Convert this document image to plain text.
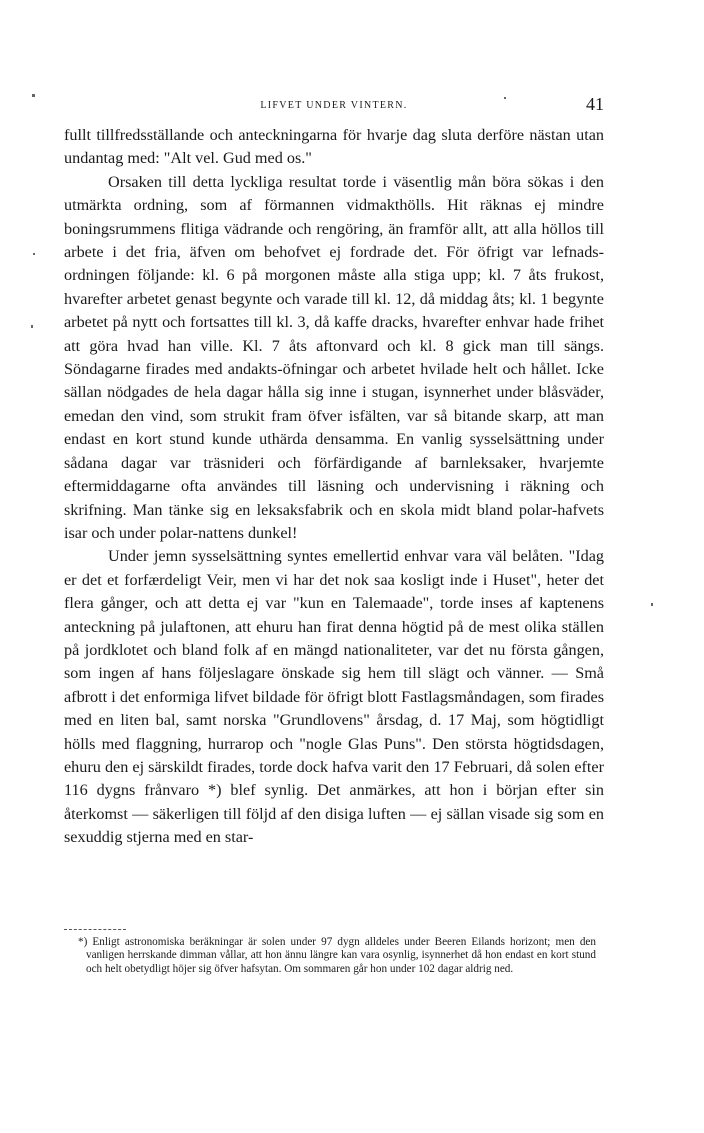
LIFVET UNDER VINTERN.	41

fullt tillfredsställande och anteckningarna för hvarje dag sluta derföre nästan utan undantag med: "Alt vel. Gud med os."

Orsaken till detta lyckliga resultat torde i väsentlig mån böra sökas i den utmärkta ordning, som af förmannen vidmakthölls. Hit räknas ej mindre boningsrummens flitiga vädrande och rengöring, än framför allt, att alla höllos till arbete i det fria, äfven om behofvet ej fordrade det. För öfrigt var lefnads-ordningen följande: kl. 6 på morgonen måste alla stiga upp; kl. 7 åts frukost, hvarefter arbetet genast begynte och varade till kl. 12, då middag åts; kl. 1 begynte arbetet på nytt och fortsattes till kl. 3, då kaffe dracks, hvarefter enhvar hade frihet att göra hvad han ville. Kl. 7 åts aftonvard och kl. 8 gick man till sängs. Söndagarne firades med andakts-öfningar och arbetet hvilade helt och hållet. Icke sällan nödgades de hela dagar hålla sig inne i stugan, isynnerhet under blåsväder, emedan den vind, som strukit fram öfver isfälten, var så bitande skarp, att man endast en kort stund kunde uthärda densamma. En vanlig sysselsättning under sådana dagar var träsnideri och förfärdigande af barnleksaker, hvarjemte eftermiddagarne ofta användes till läsning och undervisning i räkning och skrifning. Man tänke sig en leksaksfabrik och en skola midt bland polar-hafvets isar och under polar-nattens dunkel!

Under jemn sysselsättning syntes emellertid enhvar vara väl belåten. "Idag er det et forfærdeligt Veir, men vi har det nok saa kosligt inde i Huset", heter det flera gånger, och att detta ej var "kun en Talemaade", torde inses af kaptenens anteckning på julaftonen, att ehuru han firat denna högtid på de mest olika ställen på jordklotet och bland folk af en mängd nationaliteter, var det nu första gången, som ingen af hans följeslagare önskade sig hem till slägt och vänner. — Små afbrott i det enformiga lifvet bildade för öfrigt blott Fastlagsmåndagen, som firades med en liten bal, samt norska "Grundlovens" årsdag, d. 17 Maj, som högtidligt hölls med flaggning, hurrarop och "nogle Glas Puns". Den största högtidsdagen, ehuru den ej särskildt firades, torde dock hafva varit den 17 Februari, då solen efter 116 dygns frånvaro *) blef synlig. Det anmärkes, att hon i början efter sin återkomst — säkerligen till följd af den disiga luften — ej sällan visade sig som en sexuddig stjerna med en star-

*) Enligt astronomiska beräkningar är solen under 97 dygn alldeles under Beeren Eilands horizont; men den vanligen herrskande dimman vållar, att hon ännu längre kan vara osynlig, isynnerhet då hon endast en kort stund och helt obetydligt höjer sig öfver hafsytan. Om sommaren går hon under 102 dagar aldrig ned.
